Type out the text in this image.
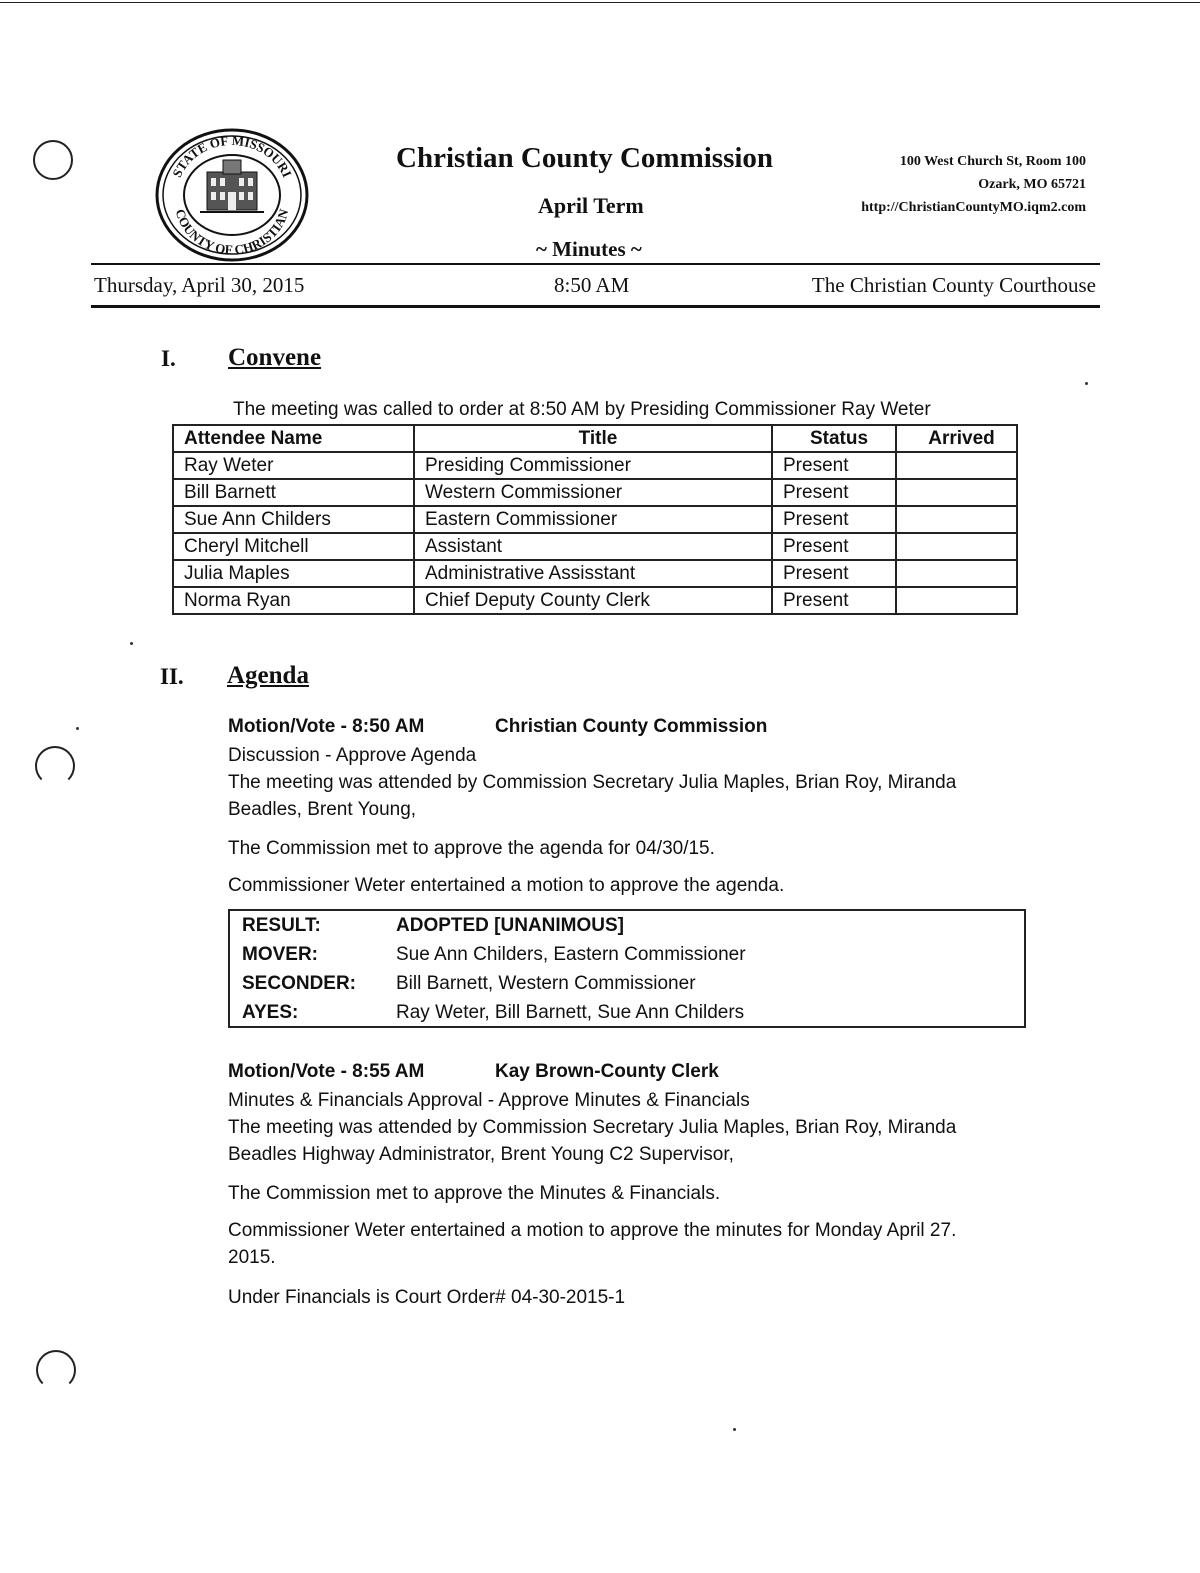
STATE OF MISSOURI
COUNTY OF CHRISTIAN
Christian County Commission
April Term
~ Minutes ~
100 West Church St, Room 100
Ozark, MO 65721
http://ChristianCountyMO.iqm2.com
Thursday, April 30, 2015	8:50 AM	The Christian County Courthouse
I. Convene
The meeting was called to order at 8:50 AM by Presiding Commissioner Ray Weter
Attendee Name	Title	Status	Arrived
Ray Weter	Presiding Commissioner	Present	
Bill Barnett	Western Commissioner	Present	
Sue Ann Childers	Eastern Commissioner	Present	
Cheryl Mitchell	Assistant	Present	
Julia Maples	Administrative Assisstant	Present	
Norma Ryan	Chief Deputy County Clerk	Present	
II. Agenda
Motion/Vote - 8:50 AM	Christian County Commission
Discussion - Approve Agenda
The meeting was attended by Commission Secretary Julia Maples, Brian Roy, Miranda
Beadles, Brent Young,
The Commission met to approve the agenda for 04/30/15.
Commissioner Weter entertained a motion to approve the agenda.
RESULT:	ADOPTED [UNANIMOUS]
MOVER:	Sue Ann Childers, Eastern Commissioner
SECONDER:	Bill Barnett, Western Commissioner
AYES:	Ray Weter, Bill Barnett, Sue Ann Childers
Motion/Vote - 8:55 AM	Kay Brown-County Clerk
Minutes & Financials Approval - Approve Minutes & Financials
The meeting was attended by Commission Secretary Julia Maples, Brian Roy, Miranda
Beadles Highway Administrator, Brent Young C2 Supervisor,
The Commission met to approve the Minutes & Financials.
Commissioner Weter entertained a motion to approve the minutes for Monday April 27.
2015.
Under Financials is Court Order# 04-30-2015-1
